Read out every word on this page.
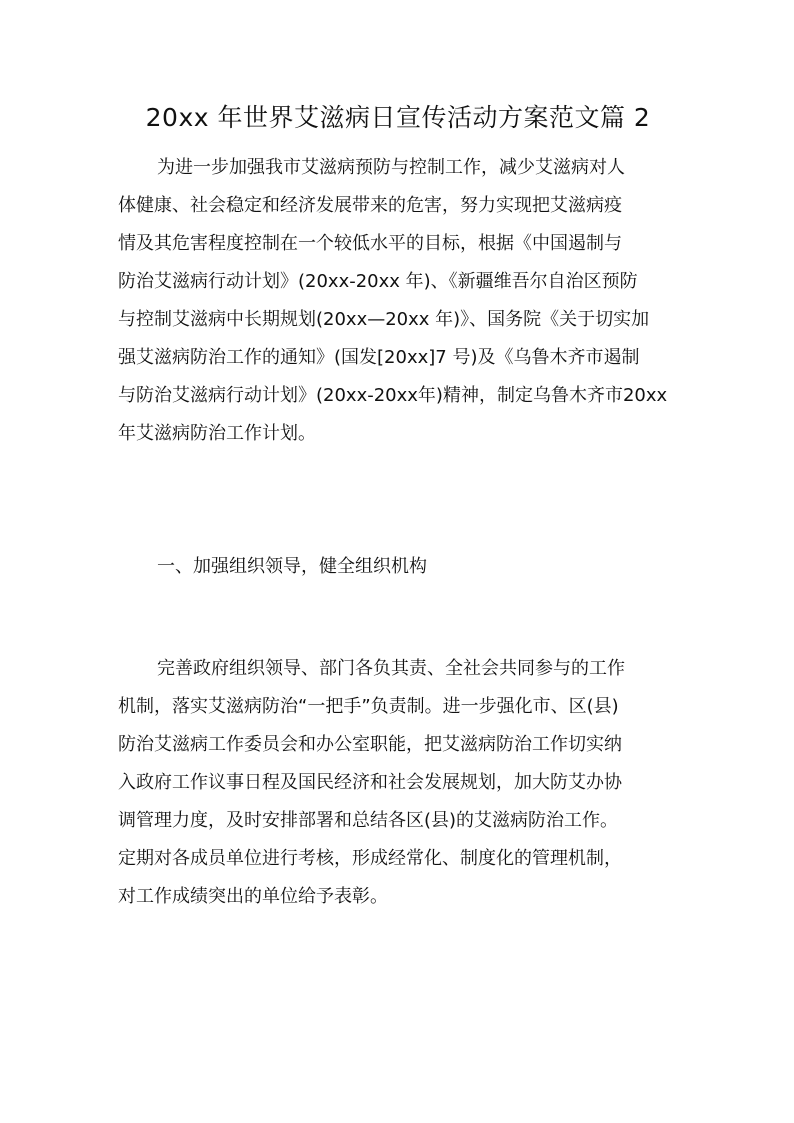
20xx 年世界艾滋病日宣传活动方案范文篇 2
为进一步加强我市艾滋病预防与控制工作，减少艾滋病对人
体健康、社会稳定和经济发展带来的危害，努力实现把艾滋病疫
情及其危害程度控制在一个较低水平的目标，根据《中国遏制与
防治艾滋病行动计划》(20xx-20xx 年)、《新疆维吾尔自治区预防
与控制艾滋病中长期规划(20xx—20xx 年)》、国务院《关于切实加
强艾滋病防治工作的通知》(国发[20xx]7 号)及《乌鲁木齐市遏制
与防治艾滋病行动计划》(20xx-20xx年)精神，制定乌鲁木齐市20xx
年艾滋病防治工作计划。
一、加强组织领导，健全组织机构
完善政府组织领导、部门各负其责、全社会共同参与的工作
机制，落实艾滋病防治“一把手”负责制。进一步强化市、区(县)
防治艾滋病工作委员会和办公室职能，把艾滋病防治工作切实纳
入政府工作议事日程及国民经济和社会发展规划，加大防艾办协
调管理力度，及时安排部署和总结各区(县)的艾滋病防治工作。
定期对各成员单位进行考核，形成经常化、制度化的管理机制，
对工作成绩突出的单位给予表彰。
